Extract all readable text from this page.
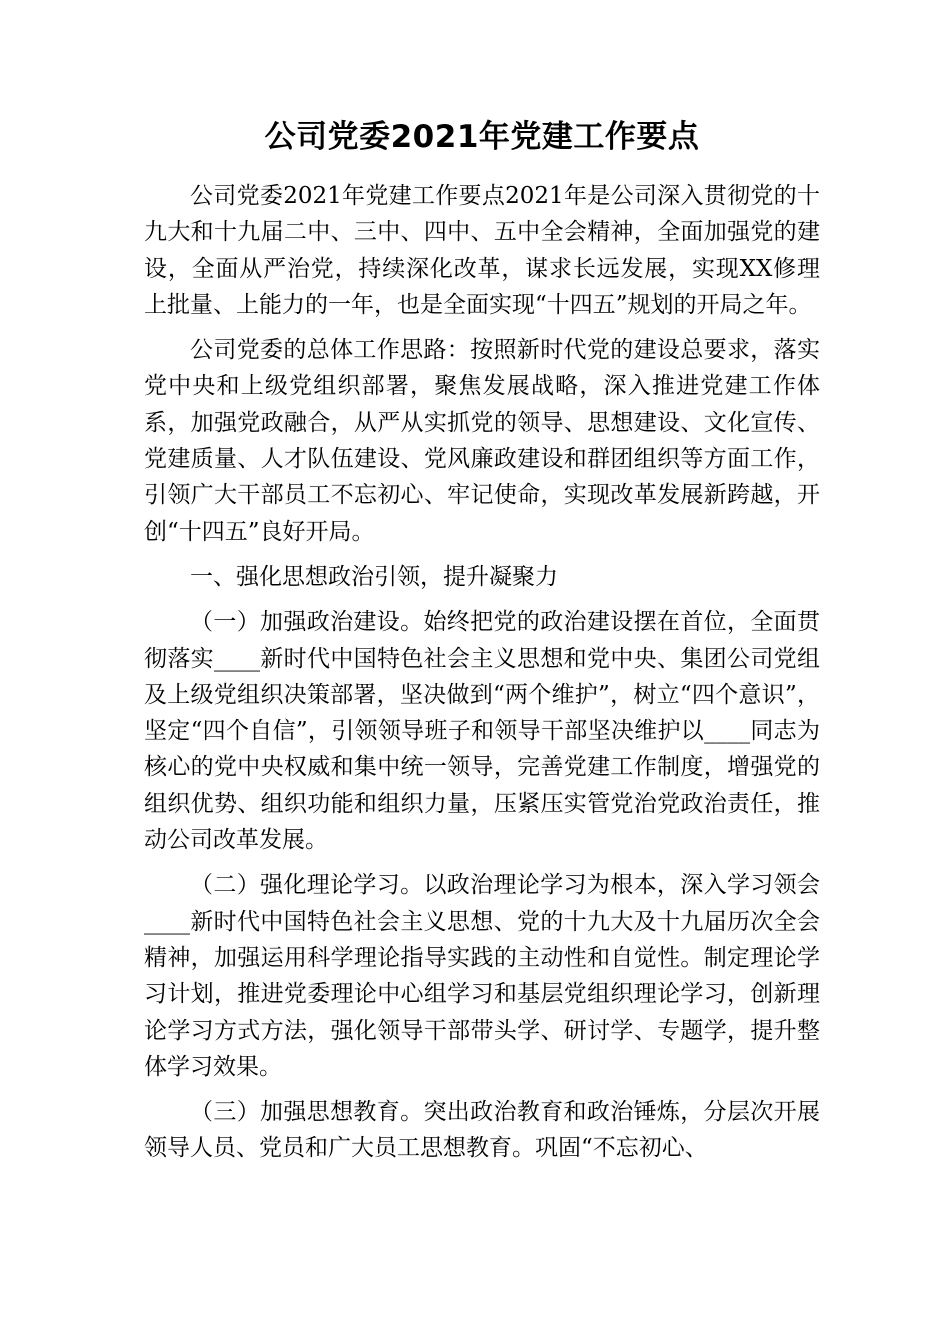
公司党委2021年党建工作要点

公司党委2021年党建工作要点2021年是公司深入贯彻党的十九大和十九届二中、三中、四中、五中全会精神，全面加强党的建设，全面从严治党，持续深化改革，谋求长远发展，实现XX修理上批量、上能力的一年，也是全面实现“十四五”规划的开局之年。

公司党委的总体工作思路：按照新时代党的建设总要求，落实党中央和上级党组织部署，聚焦发展战略，深入推进党建工作体系，加强党政融合，从严从实抓党的领导、思想建设、文化宣传、党建质量、人才队伍建设、党风廉政建设和群团组织等方面工作，引领广大干部员工不忘初心、牢记使命，实现改革发展新跨越，开创“十四五”良好开局。

一、强化思想政治引领，提升凝聚力

（一）加强政治建设。始终把党的政治建设摆在首位，全面贯彻落实____新时代中国特色社会主义思想和党中央、集团公司党组及上级党组织决策部署，坚决做到“两个维护”，树立“四个意识”，坚定“四个自信”，引领领导班子和领导干部坚决维护以____同志为核心的党中央权威和集中统一领导，完善党建工作制度，增强党的组织优势、组织功能和组织力量，压紧压实管党治党政治责任，推动公司改革发展。

（二）强化理论学习。以政治理论学习为根本，深入学习领会____新时代中国特色社会主义思想、党的十九大及十九届历次全会精神，加强运用科学理论指导实践的主动性和自觉性。制定理论学习计划，推进党委理论中心组学习和基层党组织理论学习，创新理论学习方式方法，强化领导干部带头学、研讨学、专题学，提升整体学习效果。

（三）加强思想教育。突出政治教育和政治锤炼，分层次开展领导人员、党员和广大员工思想教育。巩固“不忘初心、
